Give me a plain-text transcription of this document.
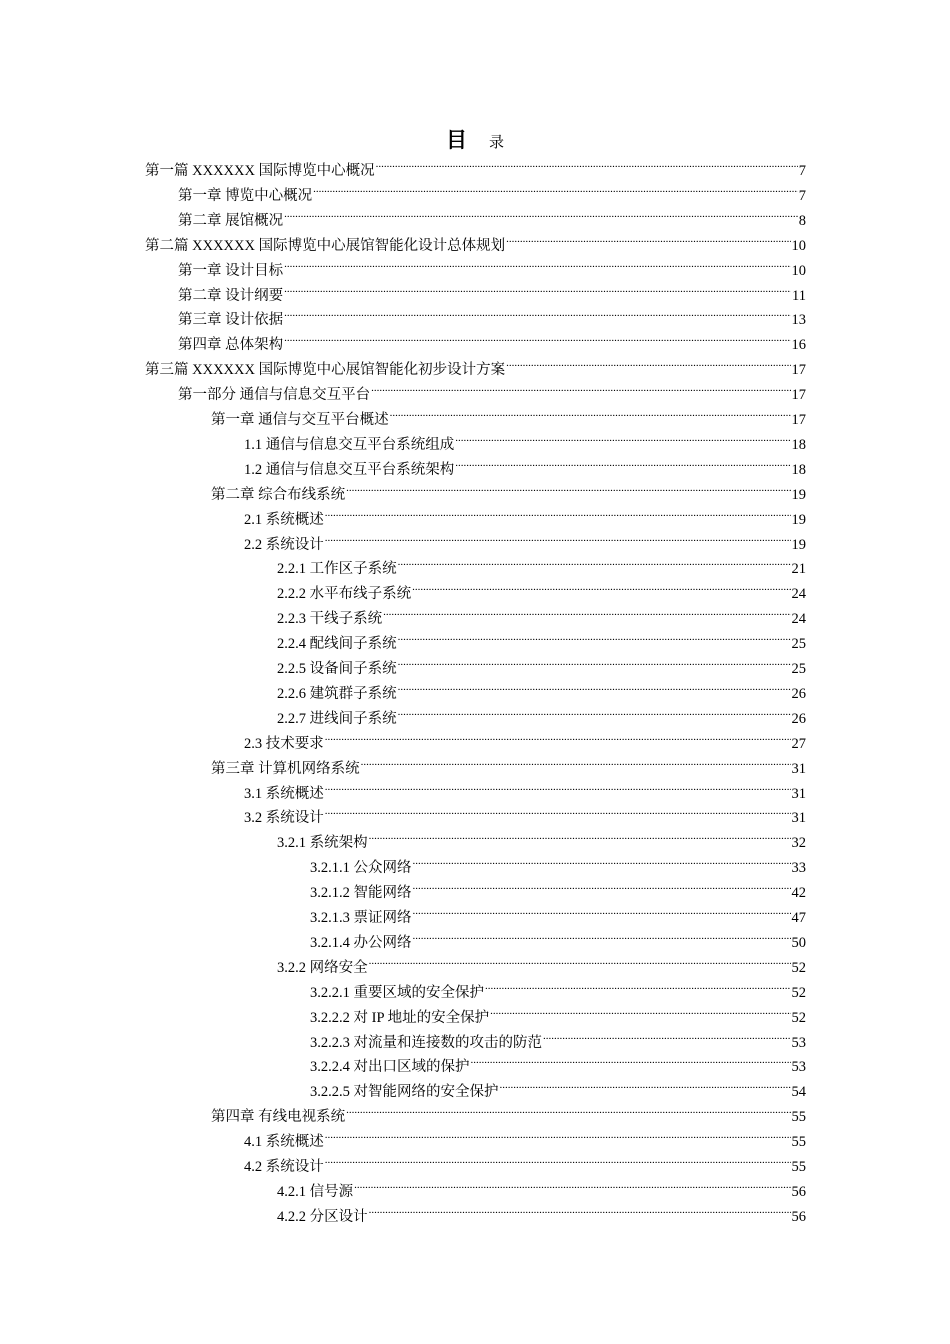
目 录
第一篇 XXXXXX 国际博览中心概况 .....	7
第一章 博览中心概况 .....	7
第二章 展馆概况 .....	8
第二篇 XXXXXX 国际博览中心展馆智能化设计总体规划 .....	10
第一章 设计目标 .....	10
第二章 设计纲要 .....	11
第三章 设计依据 .....	13
第四章 总体架构 .....	16
第三篇 XXXXXX 国际博览中心展馆智能化初步设计方案 .....	17
第一部分 通信与信息交互平台 .....	17
第一章 通信与交互平台概述 .....	17
1.1 通信与信息交互平台系统组成 .....	18
1.2 通信与信息交互平台系统架构 .....	18
第二章 综合布线系统 .....	19
2.1 系统概述 .....	19
2.2 系统设计 .....	19
2.2.1 工作区子系统 .....	21
2.2.2 水平布线子系统 .....	24
2.2.3 干线子系统 .....	24
2.2.4 配线间子系统 .....	25
2.2.5 设备间子系统 .....	25
2.2.6 建筑群子系统 .....	26
2.2.7 进线间子系统 .....	26
2.3 技术要求 .....	27
第三章 计算机网络系统 .....	31
3.1 系统概述 .....	31
3.2 系统设计 .....	31
3.2.1 系统架构 .....	32
3.2.1.1 公众网络 .....	33
3.2.1.2 智能网络 .....	42
3.2.1.3 票证网络 .....	47
3.2.1.4 办公网络 .....	50
3.2.2 网络安全 .....	52
3.2.2.1 重要区域的安全保护 .....	52
3.2.2.2 对 IP 地址的安全保护 .....	52
3.2.2.3 对流量和连接数的攻击的防范 .....	53
3.2.2.4 对出口区域的保护 .....	53
3.2.2.5 对智能网络的安全保护 .....	54
第四章 有线电视系统 .....	55
4.1 系统概述 .....	55
4.2 系统设计 .....	55
4.2.1 信号源 .....	56
4.2.2 分区设计 .....	56
